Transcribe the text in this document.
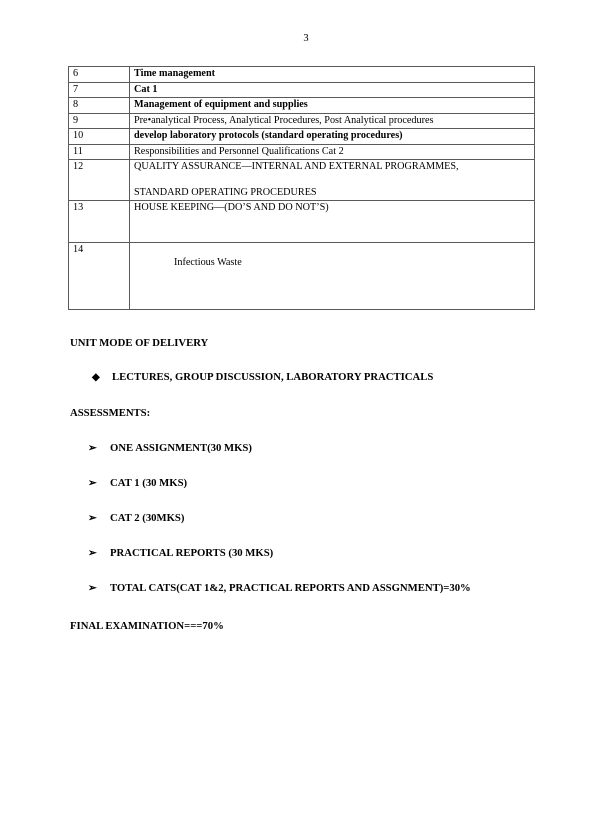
3
6	Time management

7	Cat 1

8	Management of equipment and supplies

9	Pre•analytical Process, Analytical Procedures, Post Analytical procedures

10	develop laboratory protocols (standard operating procedures)

11	Responsibilities and Personnel Qualifications Cat 2

12	QUALITY ASSURANCE—INTERNAL AND EXTERNAL PROGRAMMES,
STANDARD OPERATING PROCEDURES

13	HOUSE KEEPING—(DO’S AND DO NOT’S)

14	Infectious Waste
UNIT MODE OF DELIVERY
◆	LECTURES, GROUP DISCUSSION, LABORATORY PRACTICALS
ASSESSMENTS:
➢	ONE ASSIGNMENT(30 MKS)
➢	CAT 1 (30 MKS)
➢	CAT 2 (30MKS)
➢	PRACTICAL REPORTS (30 MKS)
➢	TOTAL CATS(CAT 1&2, PRACTICAL REPORTS AND ASSGNMENT)=30%
FINAL EXAMINATION===70%
